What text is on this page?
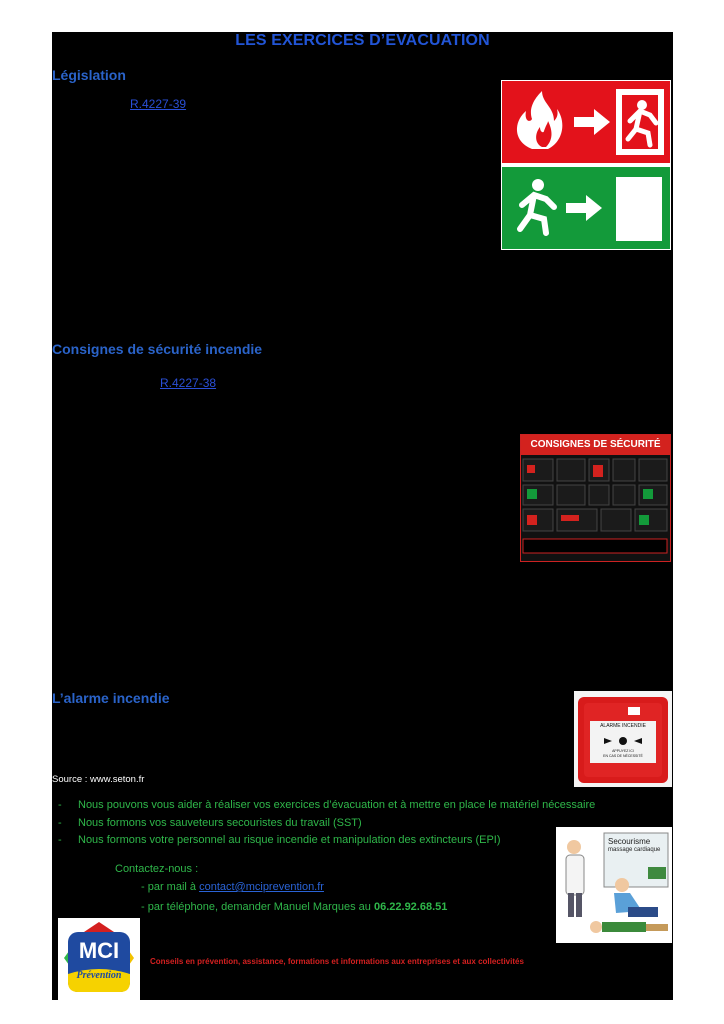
LES EXERCICES D’EVACUATION
Législation
R.4227-39
Consignes de sécurité incendie
R.4227-38
CONSIGNES DE SÉCURITÉ
L’alarme incendie
ALARME INCENDIE
APPUYEZ ICI
EN CAS DE NÉCESSITÉ
Source : www.seton.fr
- Nous pouvons vous aider à réaliser vos exercices d’évacuation et à mettre en place le matériel nécessaire
- Nous formons vos sauveteurs secouristes du travail (SST)
- Nous formons votre personnel au risque incendie et manipulation des extincteurs (EPI)	Secourisme
massage cardiaque
Contactez-nous :
- par mail à contact@mciprevention.fr
- par téléphone, demander Manuel Marques au 06.22.92.68.51
MCI
Prévention
Conseils en prévention, assistance, formations et informations aux entreprises et aux collectivités
